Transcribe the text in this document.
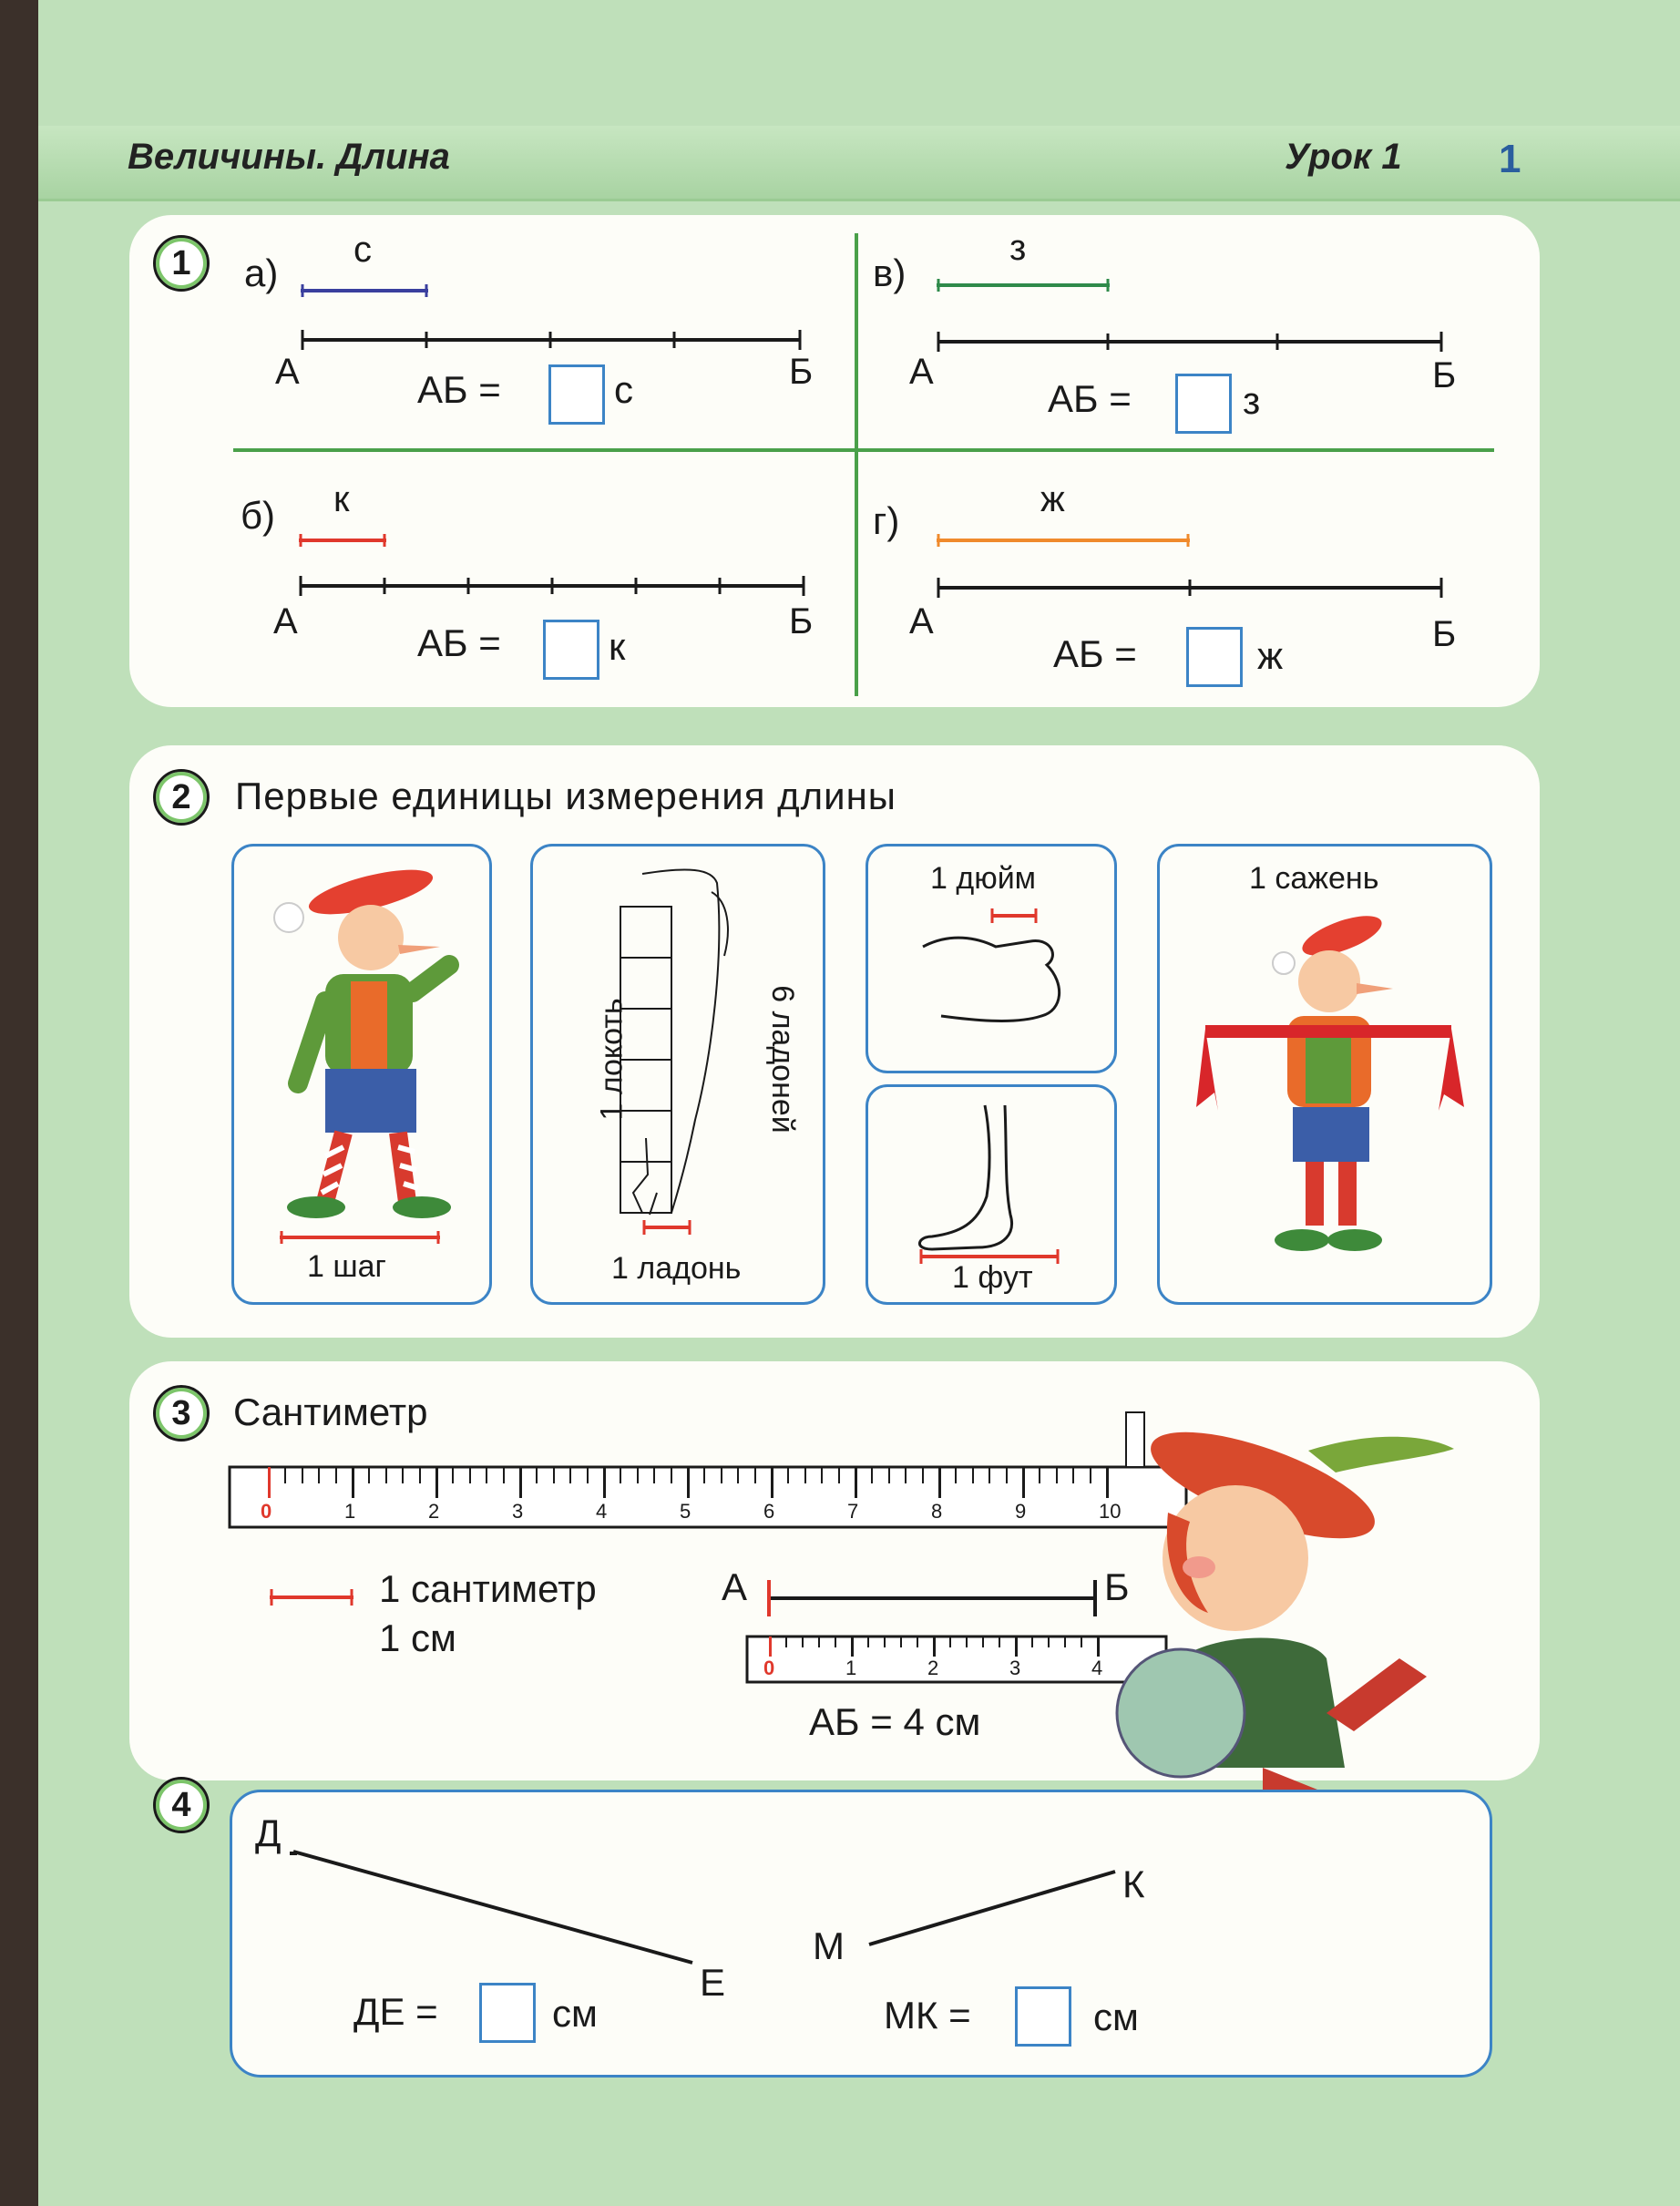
Величины. Длина	Урок 1 1
1	а)
с
А	Б
АБ =	с
в)
з
А	Б
АБ =	з
б) к
А	Б
АБ =	к
г)	ж
А	Б
АБ =	ж
2	Первые единицы измерения длины
1 шаг
1 локоть	6 ладоней
1 ладонь
1 дюйм
1 фут
1 сажень
3	Сантиметр
0	1	2	3	4	5	6	7	8	9	10
1 сантиметр
1 см
А	Б
0	1	2	3	4
АБ = 4 см
4
Д
Е
М
К
ДЕ =	см	МК =	см
